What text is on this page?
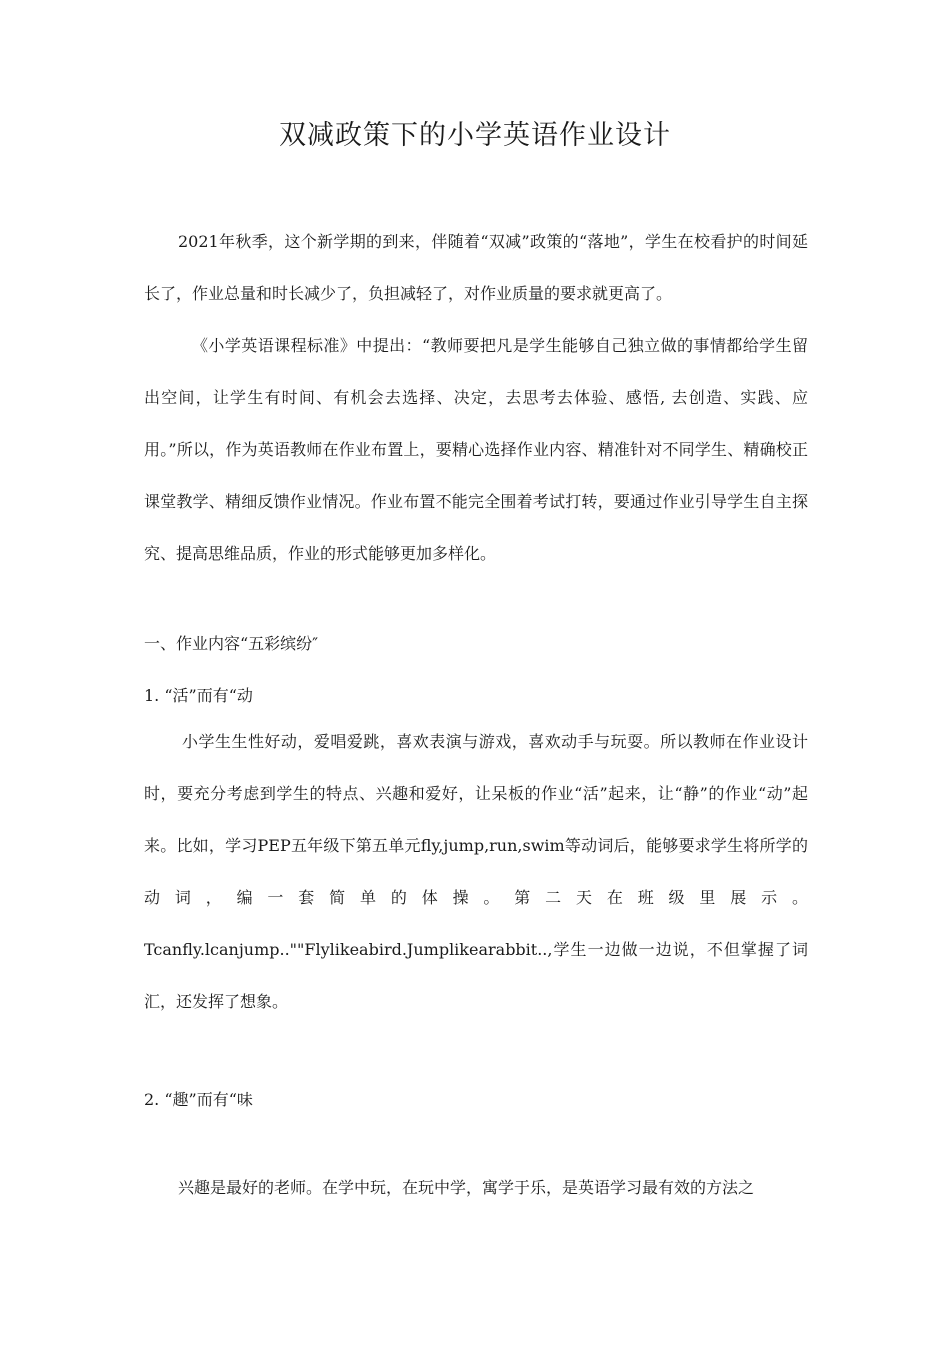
双减政策下的小学英语作业设计

2021年秋季，这个新学期的到来，伴随着“双减”政策的“落地”，学生在校看护的时间延长了，作业总量和时长减少了，负担减轻了，对作业质量的要求就更高了。

《小学英语课程标准》中提出：“教师要把凡是学生能够自己独立做的事情都给学生留出空间，让学生有时间、有机会去选择、决定，去思考去体验、感悟, 去创造、实践、应用。”所以，作为英语教师在作业布置上，要精心选择作业内容、精准针对不同学生、精确校正课堂教学、精细反馈作业情况。作业布置不能完全围着考试打转，要通过作业引导学生自主探究、提高思维品质，作业的形式能够更加多样化。

一、作业内容“五彩缤纷″
1. “活”而有“动

小学生生性好动，爱唱爱跳，喜欢表演与游戏，喜欢动手与玩耍。所以教师在作业设计时，要充分考虑到学生的特点、兴趣和爱好，让呆板的作业“活”起来，让“静”的作业“动”起来。比如，学习PEP五年级下第五单元fly,jump,run,swim等动词后，能够要求学生将所学的动词，编一套简单的体操。第二天在班级里展示。Tcanfly.lcanjump..""Flylikeabird.Jumplikearabbit..,学生一边做一边说，不但掌握了词汇，还发挥了想象。

2. “趣”而有“味

兴趣是最好的老师。在学中玩，在玩中学，寓学于乐，是英语学习最有效的方法之
